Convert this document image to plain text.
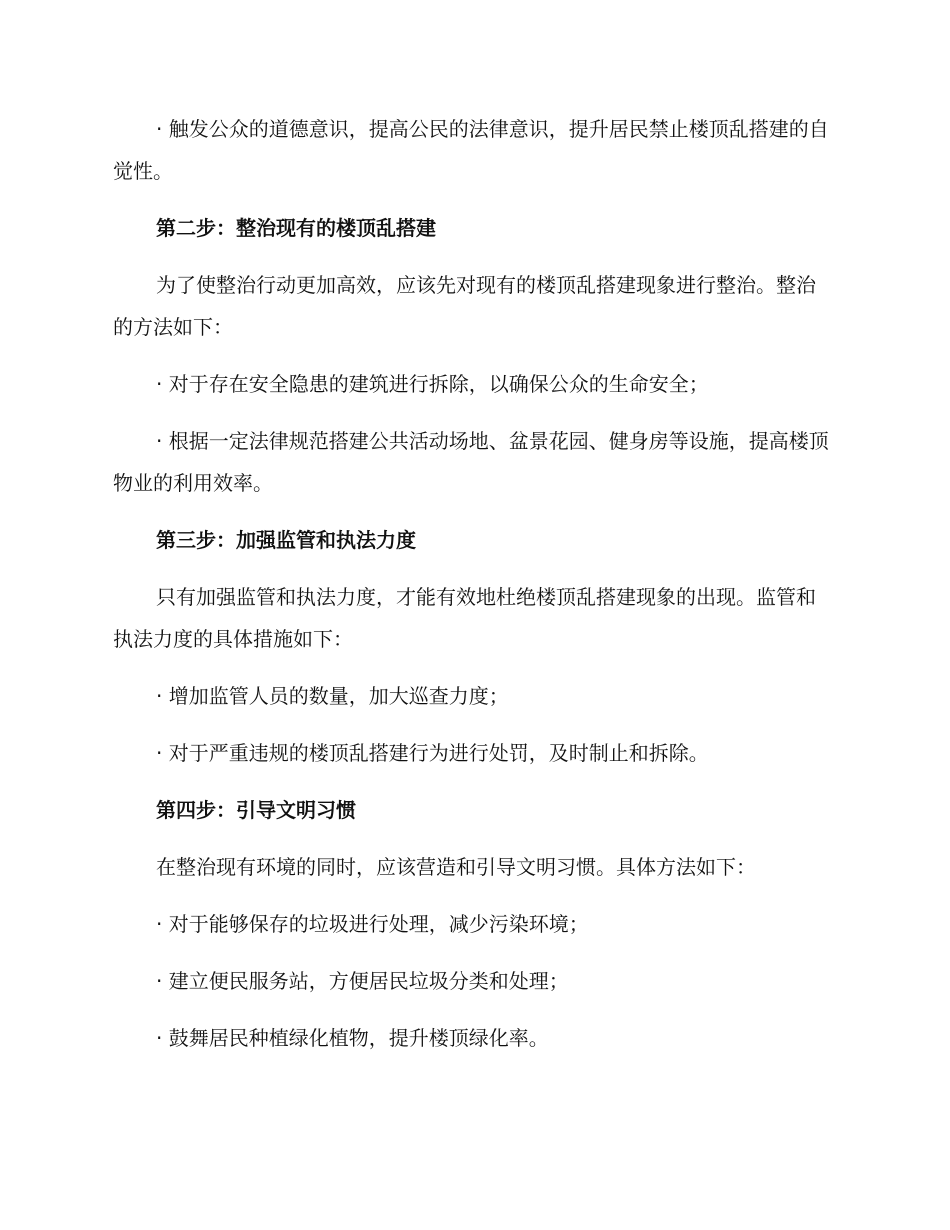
· 触发公众的道德意识，提高公民的法律意识，提升居民禁止楼顶乱搭建的自觉性。

第二步：整治现有的楼顶乱搭建

为了使整治行动更加高效，应该先对现有的楼顶乱搭建现象进行整治。整治的方法如下：

· 对于存在安全隐患的建筑进行拆除，以确保公众的生命安全；

· 根据一定法律规范搭建公共活动场地、盆景花园、健身房等设施，提高楼顶物业的利用效率。

第三步：加强监管和执法力度

只有加强监管和执法力度，才能有效地杜绝楼顶乱搭建现象的出现。监管和执法力度的具体措施如下：

· 增加监管人员的数量，加大巡查力度；

· 对于严重违规的楼顶乱搭建行为进行处罚，及时制止和拆除。

第四步：引导文明习惯

在整治现有环境的同时，应该营造和引导文明习惯。具体方法如下：

· 对于能够保存的垃圾进行处理，减少污染环境；

· 建立便民服务站，方便居民垃圾分类和处理；

· 鼓舞居民种植绿化植物，提升楼顶绿化率。
